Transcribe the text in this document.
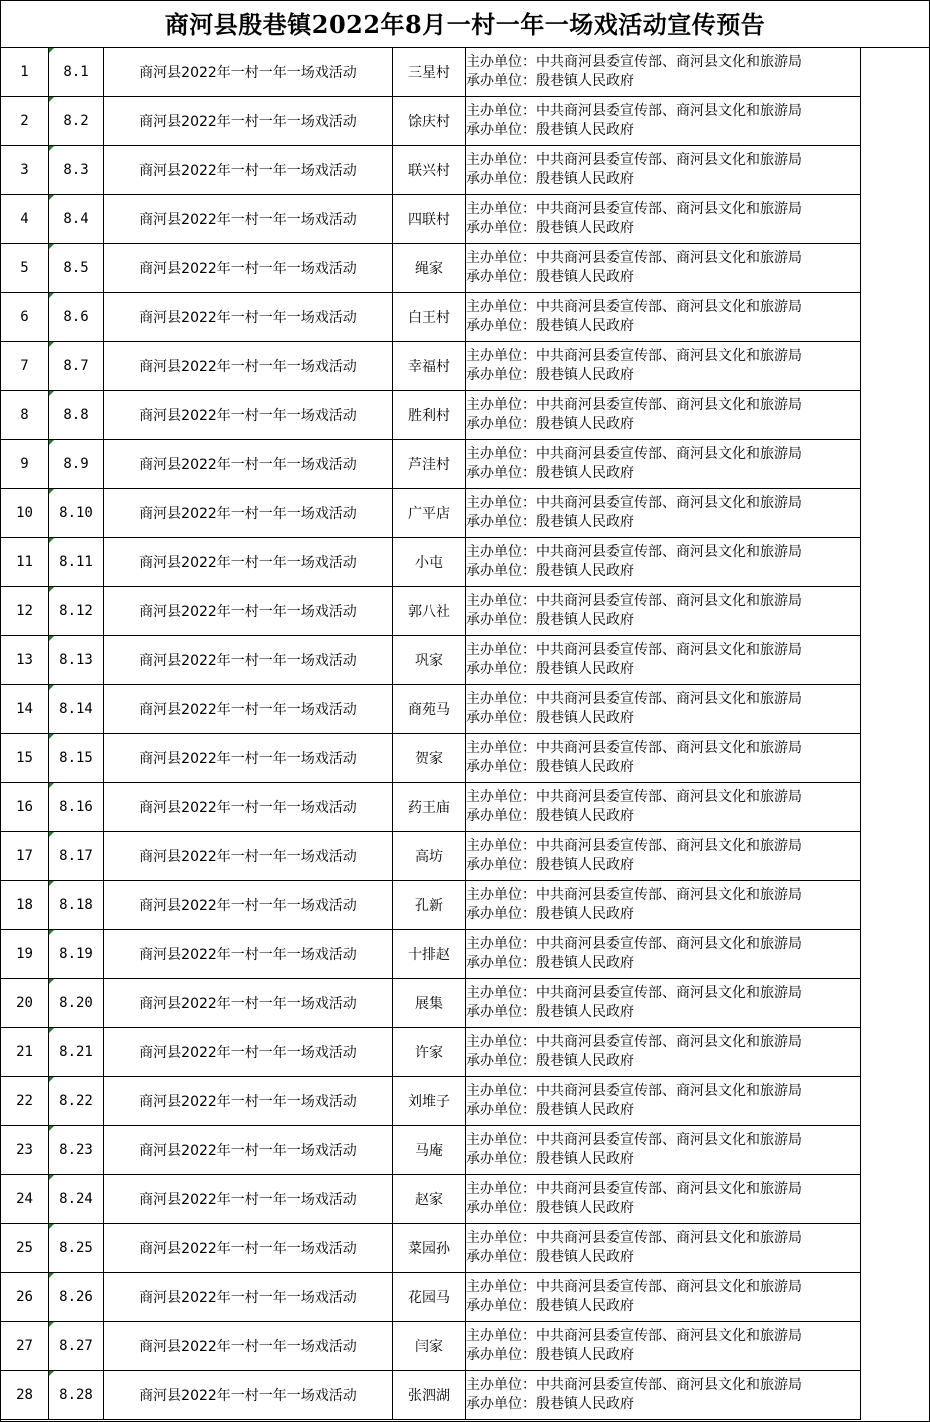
商河县殷巷镇2022年8月一村一年一场戏活动宣传预告
1	8.1	商河县2022年一村一年一场戏活动	三星村	主办单位：中共商河县委宣传部、商河县文化和旅游局
承办单位：殷巷镇人民政府

2	8.2	商河县2022年一村一年一场戏活动	馀庆村	主办单位：中共商河县委宣传部、商河县文化和旅游局
承办单位：殷巷镇人民政府

3	8.3	商河县2022年一村一年一场戏活动	联兴村	主办单位：中共商河县委宣传部、商河县文化和旅游局
承办单位：殷巷镇人民政府

4	8.4	商河县2022年一村一年一场戏活动	四联村	主办单位：中共商河县委宣传部、商河县文化和旅游局
承办单位：殷巷镇人民政府

5	8.5	商河县2022年一村一年一场戏活动	绳家	主办单位：中共商河县委宣传部、商河县文化和旅游局
承办单位：殷巷镇人民政府

6	8.6	商河县2022年一村一年一场戏活动	白王村	主办单位：中共商河县委宣传部、商河县文化和旅游局
承办单位：殷巷镇人民政府

7	8.7	商河县2022年一村一年一场戏活动	幸福村	主办单位：中共商河县委宣传部、商河县文化和旅游局
承办单位：殷巷镇人民政府

8	8.8	商河县2022年一村一年一场戏活动	胜利村	主办单位：中共商河县委宣传部、商河县文化和旅游局
承办单位：殷巷镇人民政府

9	8.9	商河县2022年一村一年一场戏活动	芦洼村	主办单位：中共商河县委宣传部、商河县文化和旅游局
承办单位：殷巷镇人民政府

10	8.10	商河县2022年一村一年一场戏活动	广平店	主办单位：中共商河县委宣传部、商河县文化和旅游局
承办单位：殷巷镇人民政府

11	8.11	商河县2022年一村一年一场戏活动	小屯	主办单位：中共商河县委宣传部、商河县文化和旅游局
承办单位：殷巷镇人民政府

12	8.12	商河县2022年一村一年一场戏活动	郭八社	主办单位：中共商河县委宣传部、商河县文化和旅游局
承办单位：殷巷镇人民政府

13	8.13	商河县2022年一村一年一场戏活动	巩家	主办单位：中共商河县委宣传部、商河县文化和旅游局
承办单位：殷巷镇人民政府

14	8.14	商河县2022年一村一年一场戏活动	商苑马	主办单位：中共商河县委宣传部、商河县文化和旅游局
承办单位：殷巷镇人民政府

15	8.15	商河县2022年一村一年一场戏活动	贺家	主办单位：中共商河县委宣传部、商河县文化和旅游局
承办单位：殷巷镇人民政府

16	8.16	商河县2022年一村一年一场戏活动	药王庙	主办单位：中共商河县委宣传部、商河县文化和旅游局
承办单位：殷巷镇人民政府

17	8.17	商河县2022年一村一年一场戏活动	高坊	主办单位：中共商河县委宣传部、商河县文化和旅游局
承办单位：殷巷镇人民政府

18	8.18	商河县2022年一村一年一场戏活动	孔新	主办单位：中共商河县委宣传部、商河县文化和旅游局
承办单位：殷巷镇人民政府

19	8.19	商河县2022年一村一年一场戏活动	十排赵	主办单位：中共商河县委宣传部、商河县文化和旅游局
承办单位：殷巷镇人民政府

20	8.20	商河县2022年一村一年一场戏活动	展集	主办单位：中共商河县委宣传部、商河县文化和旅游局
承办单位：殷巷镇人民政府

21	8.21	商河县2022年一村一年一场戏活动	许家	主办单位：中共商河县委宣传部、商河县文化和旅游局
承办单位：殷巷镇人民政府

22	8.22	商河县2022年一村一年一场戏活动	刘堆子	主办单位：中共商河县委宣传部、商河县文化和旅游局
承办单位：殷巷镇人民政府

23	8.23	商河县2022年一村一年一场戏活动	马庵	主办单位：中共商河县委宣传部、商河县文化和旅游局
承办单位：殷巷镇人民政府

24	8.24	商河县2022年一村一年一场戏活动	赵家	主办单位：中共商河县委宣传部、商河县文化和旅游局
承办单位：殷巷镇人民政府

25	8.25	商河县2022年一村一年一场戏活动	菜园孙	主办单位：中共商河县委宣传部、商河县文化和旅游局
承办单位：殷巷镇人民政府

26	8.26	商河县2022年一村一年一场戏活动	花园马	主办单位：中共商河县委宣传部、商河县文化和旅游局
承办单位：殷巷镇人民政府

27	8.27	商河县2022年一村一年一场戏活动	闫家	主办单位：中共商河县委宣传部、商河县文化和旅游局
承办单位：殷巷镇人民政府

28	8.28	商河县2022年一村一年一场戏活动	张泗湖	主办单位：中共商河县委宣传部、商河县文化和旅游局
承办单位：殷巷镇人民政府
